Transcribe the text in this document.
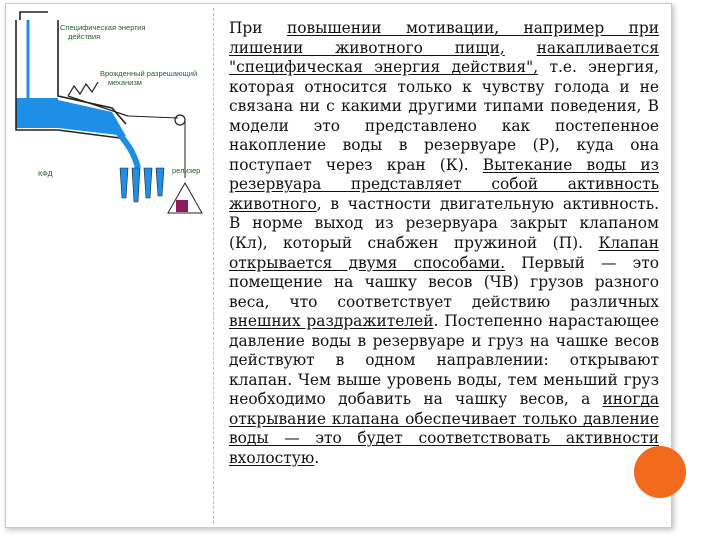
Специфическая энергия
действия
Врожденный разрешающий
механизм
КФД	релизер

При повышении мотивации, например при лишении животного пищи, накапливается "специфическая энергия действия", т.е. энергия, которая относится только к чувству голода и не связана ни с какими другими типами поведения, В модели это представлено как постепенное накопление воды в резервуаре (Р), куда она поступает через кран (К). Вытекание воды из резервуара представляет собой активность животного, в частности двигательную активность. В норме выход из резервуара закрыт клапаном (Кл), который снабжен пружиной (П). Клапан открывается двумя способами. Первый — это помещение на чашку весов (ЧВ) грузов разного веса, что соответствует действию различных внешних раздражителей. Постепенно нарастающее давление воды в резервуаре и груз на чашке весов действуют в одном направлении: открывают клапан. Чем выше уровень воды, тем меньший груз необходимо добавить на чашку весов, а иногда открывание клапана обеспечивает только давление воды — это будет соответствовать активности вхолостую.
